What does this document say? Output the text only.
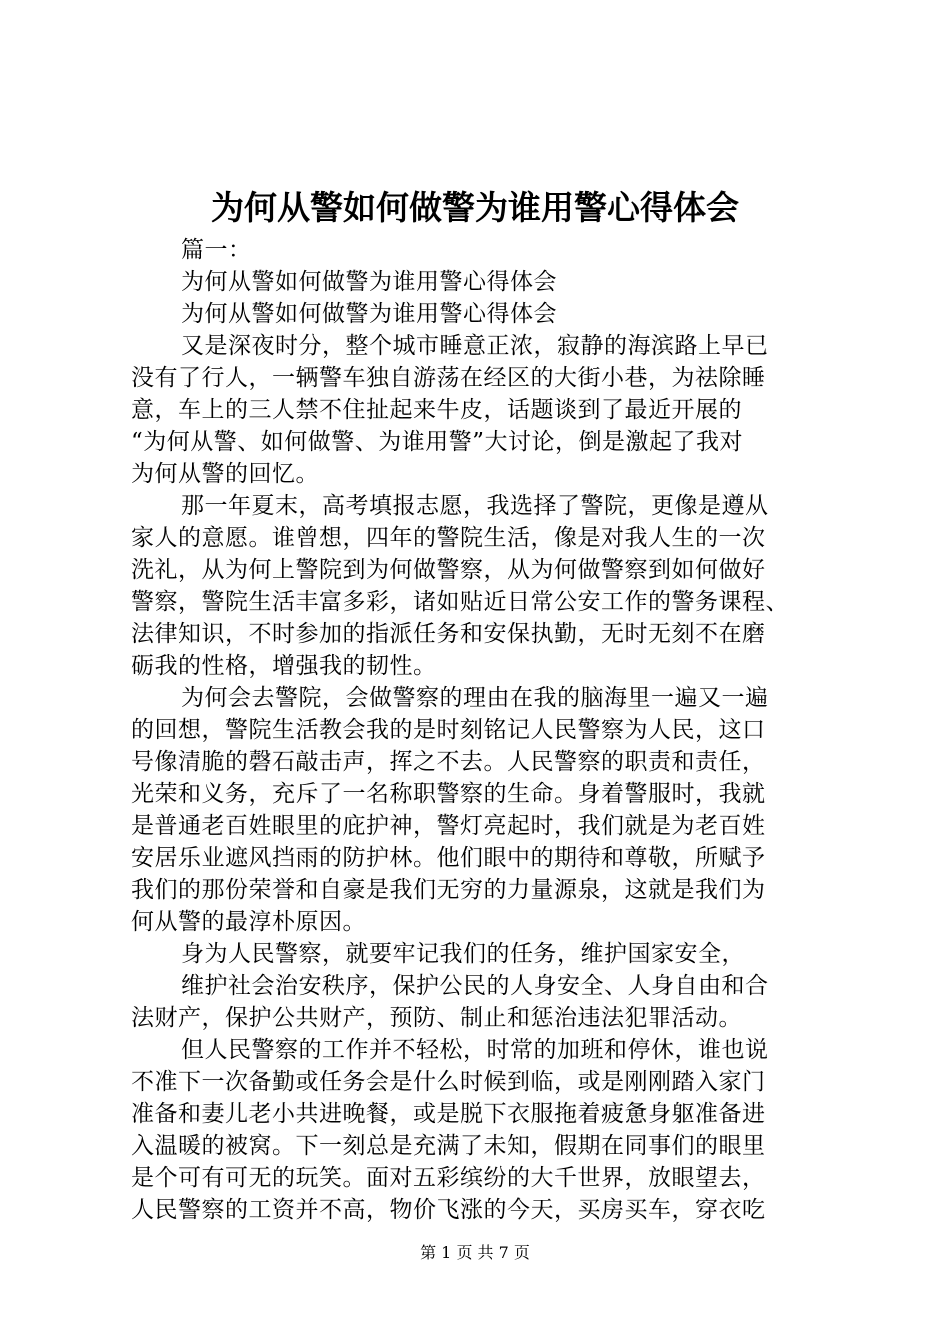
为何从警如何做警为谁用警心得体会
篇一：
为何从警如何做警为谁用警心得体会
为何从警如何做警为谁用警心得体会
又是深夜时分，整个城市睡意正浓，寂静的海滨路上早已
没有了行人，一辆警车独自游荡在经区的大街小巷，为祛除睡
意，车上的三人禁不住扯起来牛皮，话题谈到了最近开展的
“为何从警、如何做警、为谁用警”大讨论，倒是激起了我对
为何从警的回忆。
那一年夏末，高考填报志愿，我选择了警院，更像是遵从
家人的意愿。谁曾想，四年的警院生活，像是对我人生的一次
洗礼，从为何上警院到为何做警察，从为何做警察到如何做好
警察，警院生活丰富多彩，诸如贴近日常公安工作的警务课程、
法律知识，不时参加的指派任务和安保执勤，无时无刻不在磨
砺我的性格，增强我的韧性。
为何会去警院，会做警察的理由在我的脑海里一遍又一遍
的回想，警院生活教会我的是时刻铭记人民警察为人民，这口
号像清脆的磬石敲击声，挥之不去。人民警察的职责和责任，
光荣和义务，充斥了一名称职警察的生命。身着警服时，我就
是普通老百姓眼里的庇护神，警灯亮起时，我们就是为老百姓
安居乐业遮风挡雨的防护林。他们眼中的期待和尊敬，所赋予
我们的那份荣誉和自豪是我们无穷的力量源泉，这就是我们为
何从警的最淳朴原因。
身为人民警察，就要牢记我们的任务，维护国家安全，
维护社会治安秩序，保护公民的人身安全、人身自由和合
法财产，保护公共财产，预防、制止和惩治违法犯罪活动。
但人民警察的工作并不轻松，时常的加班和停休，谁也说
不准下一次备勤或任务会是什么时候到临，或是刚刚踏入家门
准备和妻儿老小共进晚餐，或是脱下衣服拖着疲惫身躯准备进
入温暖的被窝。下一刻总是充满了未知，假期在同事们的眼里
是个可有可无的玩笑。面对五彩缤纷的大千世界，放眼望去，
人民警察的工资并不高，物价飞涨的今天，买房买车，穿衣吃
第 1 页 共 7 页
